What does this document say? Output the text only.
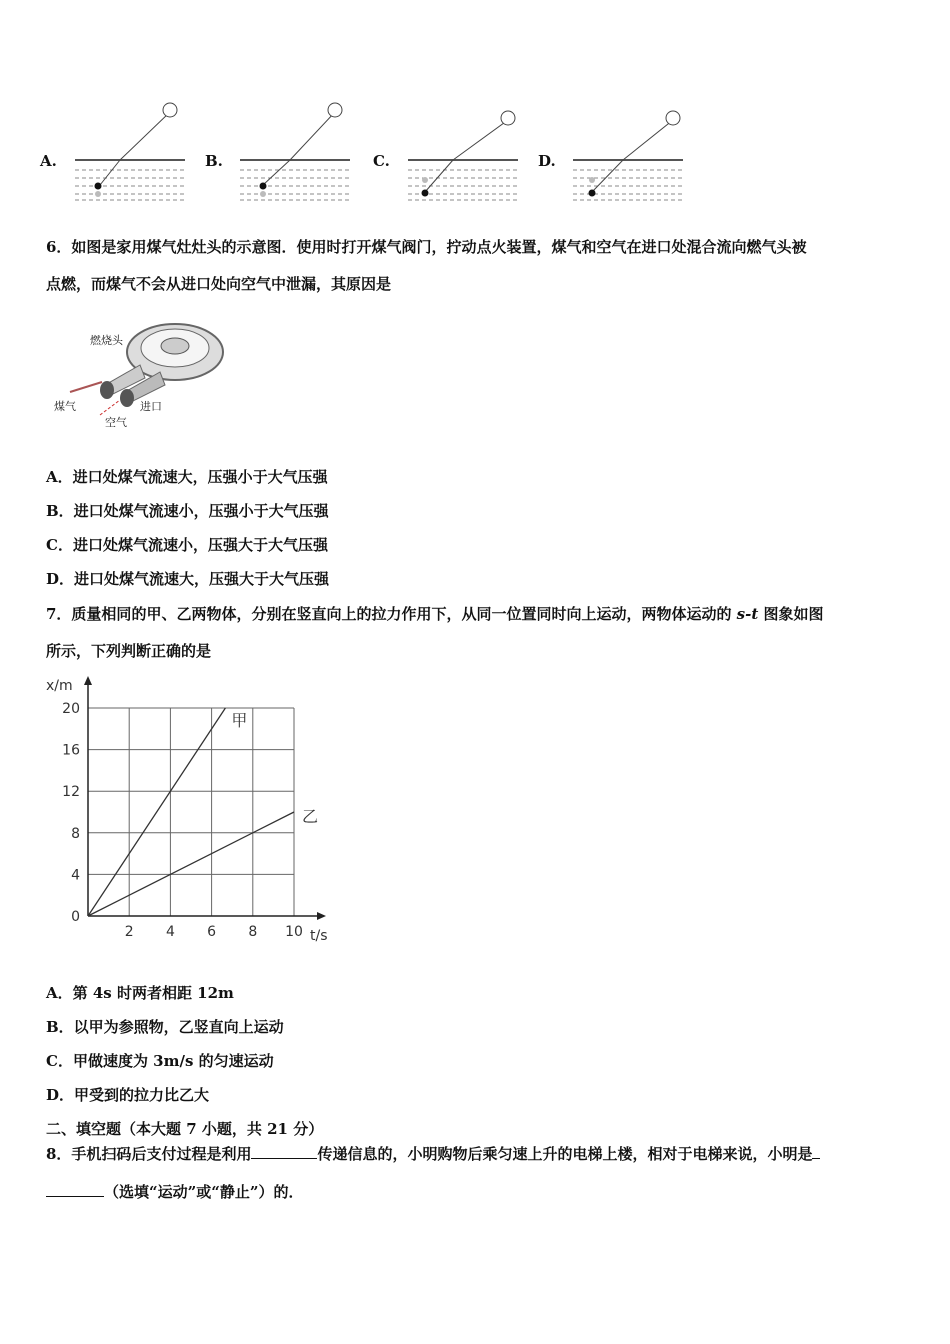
A.	B.	C.	D.
6．如图是家用煤气灶灶头的示意图．使用时打开煤气阀门，拧动点火装置，煤气和空气在进口处混合流向燃气头被
点燃，而煤气不会从进口处向空气中泄漏，其原因是
燃烧头
煤气
空气
进口
A．进口处煤气流速大，压强小于大气压强
B．进口处煤气流速小，压强小于大气压强
C．进口处煤气流速小，压强大于大气压强
D．进口处煤气流速大，压强大于大气压强
7．质量相同的甲、乙两物体，分别在竖直向上的拉力作用下，从同一位置同时向上运动，两物体运动的 s-t 图象如图
所示，下列判断正确的是
2 4 6 8 10
0
4
8
12
16
20
x/m
t/s
甲
乙
A．第 4s 时两者相距 12m
B．以甲为参照物，乙竖直向上运动
C．甲做速度为 3m/s 的匀速运动
D．甲受到的拉力比乙大
二、填空题（本大题 7 小题，共 21 分）
8．手机扫码后支付过程是利用	传递信息的，小明购物后乘匀速上升的电梯上楼，相对于电梯来说，小明是
（选填“运动”或“静止”）的．
